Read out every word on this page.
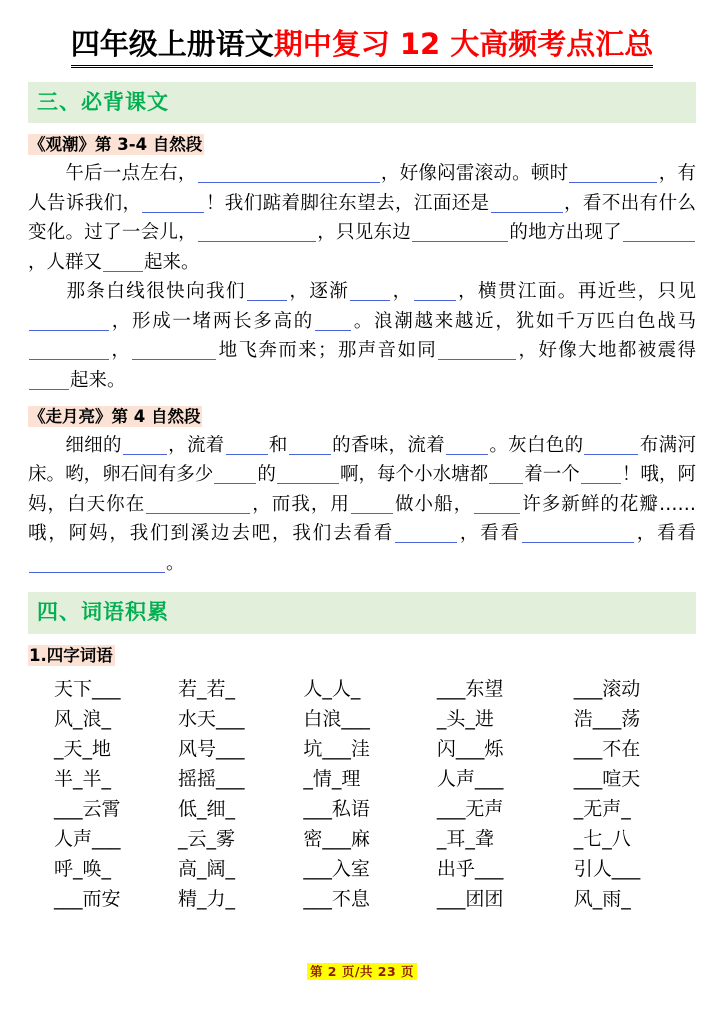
四年级上册语文期中复习 12 大高频考点汇总
三、必背课文
《观潮》第 3-4 自然段
午后一点左右，	，好像闷雷滚动。顿时	，有人告诉我们，	！我们踮着脚往东望去，江面还是	，看不出有什么变化。过了一会儿，	，只见东边	的地方出现了，人群又 起来。
那条白线很快向我们 ，逐渐 ， ，横贯江面。再近些，只见，形成一堵两长多高的 。浪潮越来越近，犹如千万匹白色战马，	地飞奔而来；那声音如同	，好像大地都被震得起来。
《走月亮》第 4 自然段
细细的 ，流着 和 的香味，流着 。灰白色的	布满河床。哟，卵石间有多少 的	啊，每个小水塘都 着一个 ！哦，阿妈，白天你在	，而我，用 做小船，	许多新鲜的花瓣……哦，阿妈，我们到溪边去吧，我们去看看	，看看	，看看。
四、词语积累
1.四字词语
天下___	若_若_	人_人_	___东望	___滚动
风_浪_	水天___	白浪___	_头_进	浩___荡
_天_地	风号___	坑___洼	闪___烁	___不在
半_半_	摇摇___	_情_理	人声___	___喧天
___云霄	低_细_	___私语	___无声	_无声_
人声___	_云_雾	密___麻	_耳_聋	_七_八
呼_唤_	高_阔_	___入室	出乎___	引人___
___而安	精_力_	___不息	___团团	风_雨_
第 2 页/共 23 页
